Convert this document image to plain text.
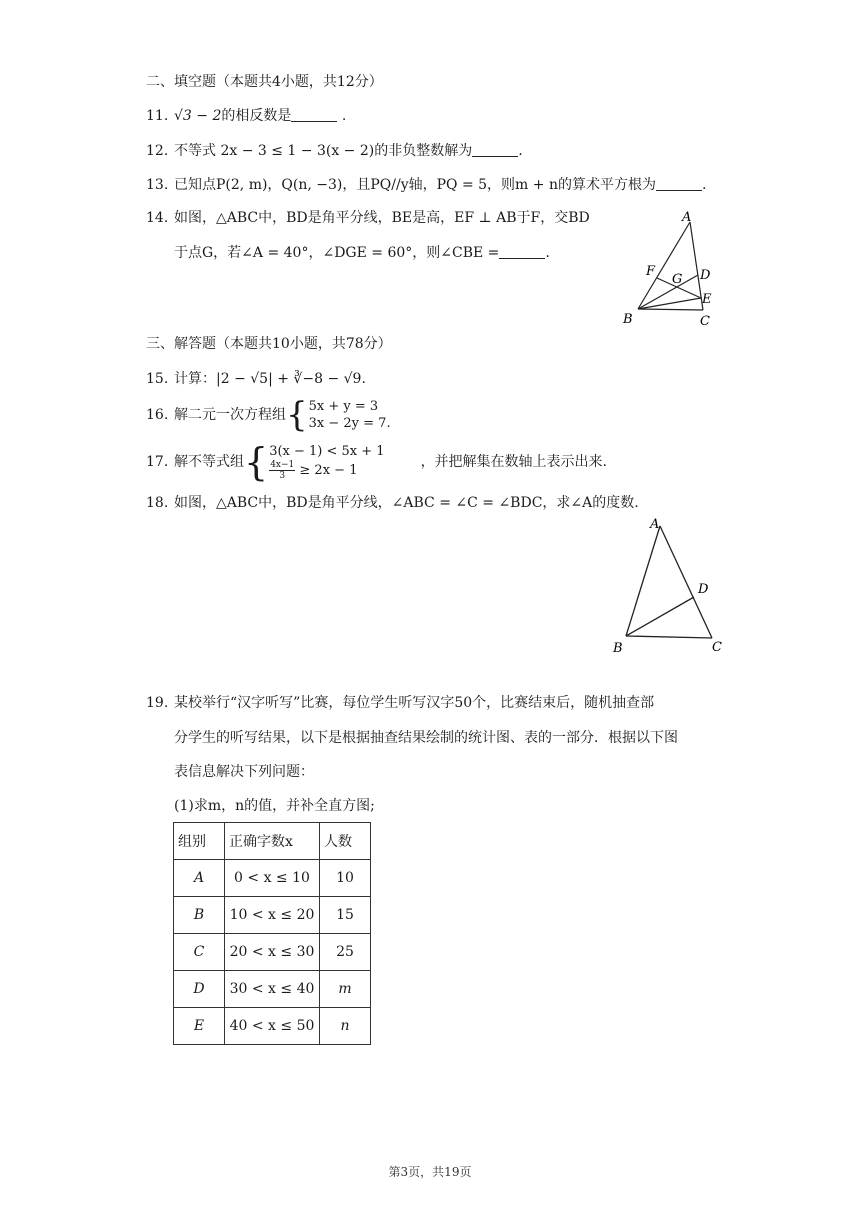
二、填空题（本题共4小题，共12分）
11. √3 − 2的相反数是	.
12. 不等式 2x − 3 ≤ 1 − 3(x − 2)的非负整数解为	.
13. 已知点P(2, m)，Q(n, −3)，且PQ//y轴，PQ = 5，则m + n的算术平方根为	.
14. 如图，△ABC中，BD是角平分线，BE是高，EF ⊥ AB于F，交BD
于点G，若∠A = 40°，∠DGE = 60°，则∠CBE =	.
A
F
G D
E
B	C
三、解答题（本题共10小题，共78分）
15. 计算：|2 − √5| + ∛−8 − √9.
16. 解二元一次方程组 { 5x + y = 3
3x − 2y = 7.
17. 解不等式组 { 3(x − 1) < 5x + 1
$\frac{4x-1}{3} \ge 2x - 1$
，并把解集在数轴上表示出来.
18. 如图，△ABC中，BD是角平分线，∠ABC = ∠C = ∠BDC，求∠A的度数.
A
D
B	C
19. 某校举行“汉字听写”比赛，每位学生听写汉字50个，比赛结束后，随机抽查部
分学生的听写结果，以下是根据抽查结果绘制的统计图、表的一部分．根据以下图
表信息解决下列问题：
(1)求m，n的值，并补全直方图;
组别	正确字数x	人数
A	0 < x ≤ 10	10
B	10 < x ≤ 20	15
C	20 < x ≤ 30	25
D	30 < x ≤ 40	m
E	40 < x ≤ 50	n
第3页，共19页
